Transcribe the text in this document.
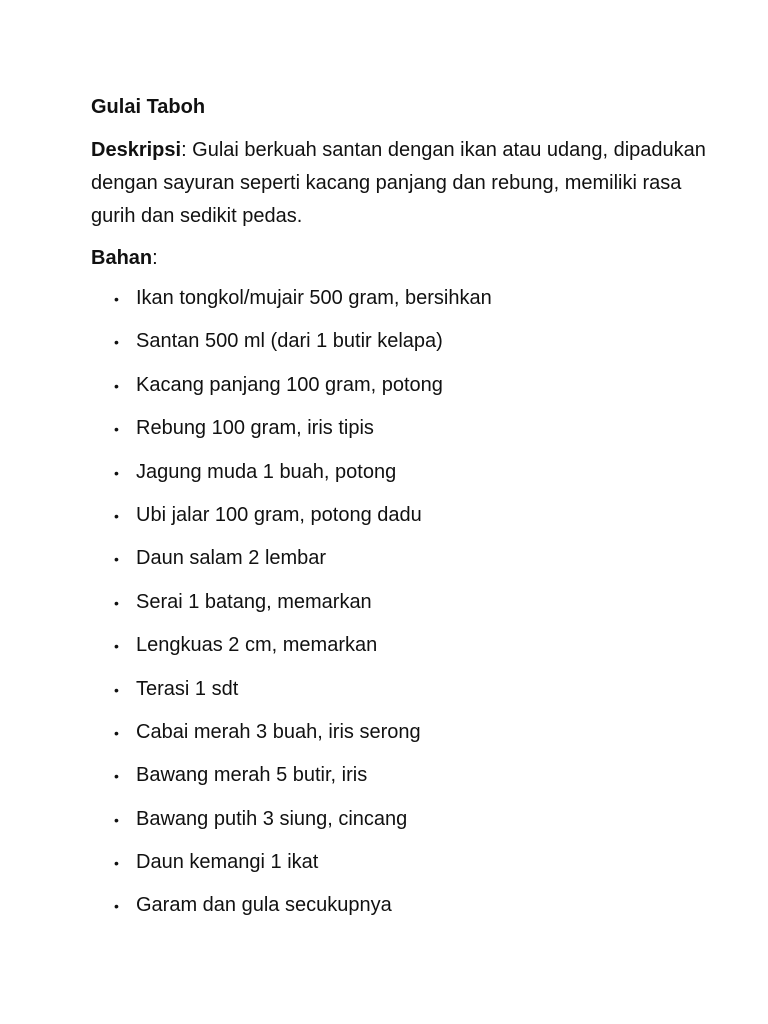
Gulai Taboh

Deskripsi: Gulai berkuah santan dengan ikan atau udang, dipadukan dengan sayuran seperti kacang panjang dan rebung, memiliki rasa gurih dan sedikit pedas.

Bahan:

• Ikan tongkol/mujair 500 gram, bersihkan
• Santan 500 ml (dari 1 butir kelapa)
• Kacang panjang 100 gram, potong
• Rebung 100 gram, iris tipis
• Jagung muda 1 buah, potong
• Ubi jalar 100 gram, potong dadu
• Daun salam 2 lembar
• Serai 1 batang, memarkan
• Lengkuas 2 cm, memarkan
• Terasi 1 sdt
• Cabai merah 3 buah, iris serong
• Bawang merah 5 butir, iris
• Bawang putih 3 siung, cincang
• Daun kemangi 1 ikat
• Garam dan gula secukupnya
